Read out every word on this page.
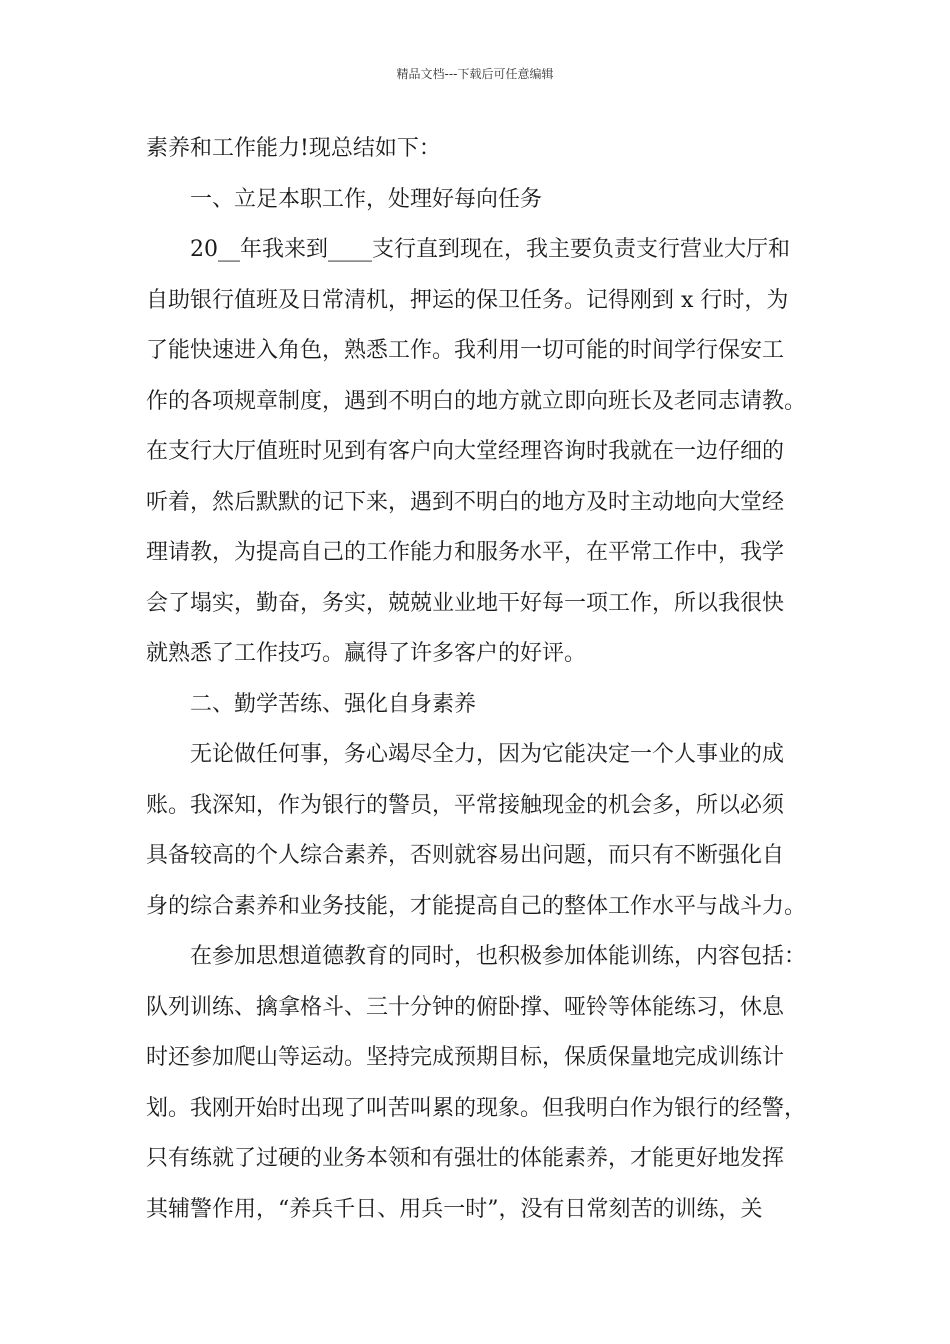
精品文档---下载后可任意编辑
素养和工作能力!现总结如下：
一、立足本职工作，处理好每向任务
20__年我来到____支行直到现在，我主要负责支行营业大厅和
自助银行值班及日常清机，押运的保卫任务。记得刚到 x 行时，为
了能快速进入角色，熟悉工作。我利用一切可能的时间学行保安工
作的各项规章制度，遇到不明白的地方就立即向班长及老同志请教。
在支行大厅值班时见到有客户向大堂经理咨询时我就在一边仔细的
听着，然后默默的记下来，遇到不明白的地方及时主动地向大堂经
理请教，为提高自己的工作能力和服务水平，在平常工作中，我学
会了塌实，勤奋，务实，兢兢业业地干好每一项工作，所以我很快
就熟悉了工作技巧。赢得了许多客户的好评。
二、勤学苦练、强化自身素养
无论做任何事，务心竭尽全力，因为它能决定一个人事业的成
账。我深知，作为银行的警员，平常接触现金的机会多，所以必须
具备较高的个人综合素养，否则就容易出问题，而只有不断强化自
身的综合素养和业务技能，才能提高自己的整体工作水平与战斗力。
在参加思想道德教育的同时，也积极参加体能训练，内容包括：
队列训练、擒拿格斗、三十分钟的俯卧撑、哑铃等体能练习，休息
时还参加爬山等运动。坚持完成预期目标，保质保量地完成训练计
划。我刚开始时出现了叫苦叫累的现象。但我明白作为银行的经警，
只有练就了过硬的业务本领和有强壮的体能素养，才能更好地发挥
其辅警作用，“养兵千日、用兵一时”，没有日常刻苦的训练，关
